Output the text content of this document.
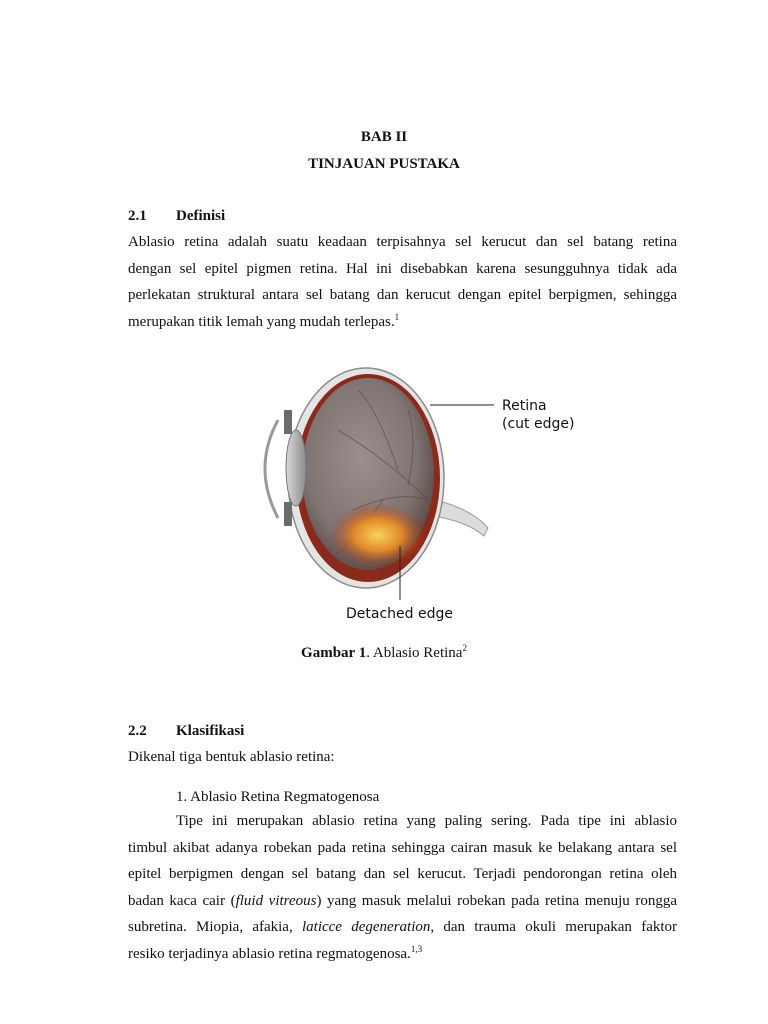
BAB II
TINJAUAN PUSTAKA
2.1 Definisi
Ablasio retina adalah suatu keadaan terpisahnya sel kerucut dan sel batang retina
dengan sel epitel pigmen retina. Hal ini disebabkan karena sesungguhnya tidak ada
perlekatan struktural antara sel batang dan kerucut dengan epitel berpigmen, sehingga
merupakan titik lemah yang mudah terlepas.$^1$
Retina
(cut edge)
Detached edge
Gambar 1. Ablasio Retina$^2$
2.2 Klasifikasi
Dikenal tiga bentuk ablasio retina:
1. Ablasio Retina Regmatogenosa
Tipe ini merupakan ablasio retina yang paling sering. Pada tipe ini ablasio
timbul akibat adanya robekan pada retina sehingga cairan masuk ke belakang antara sel
epitel berpigmen dengan sel batang dan sel kerucut. Terjadi pendorongan retina oleh
badan kaca cair (fluid vitreous) yang masuk melalui robekan pada retina menuju rongga
subretina. Miopia, afakia, laticce degeneration, dan trauma okuli merupakan faktor
resiko terjadinya ablasio retina regmatogenosa.$^{1,3}$
